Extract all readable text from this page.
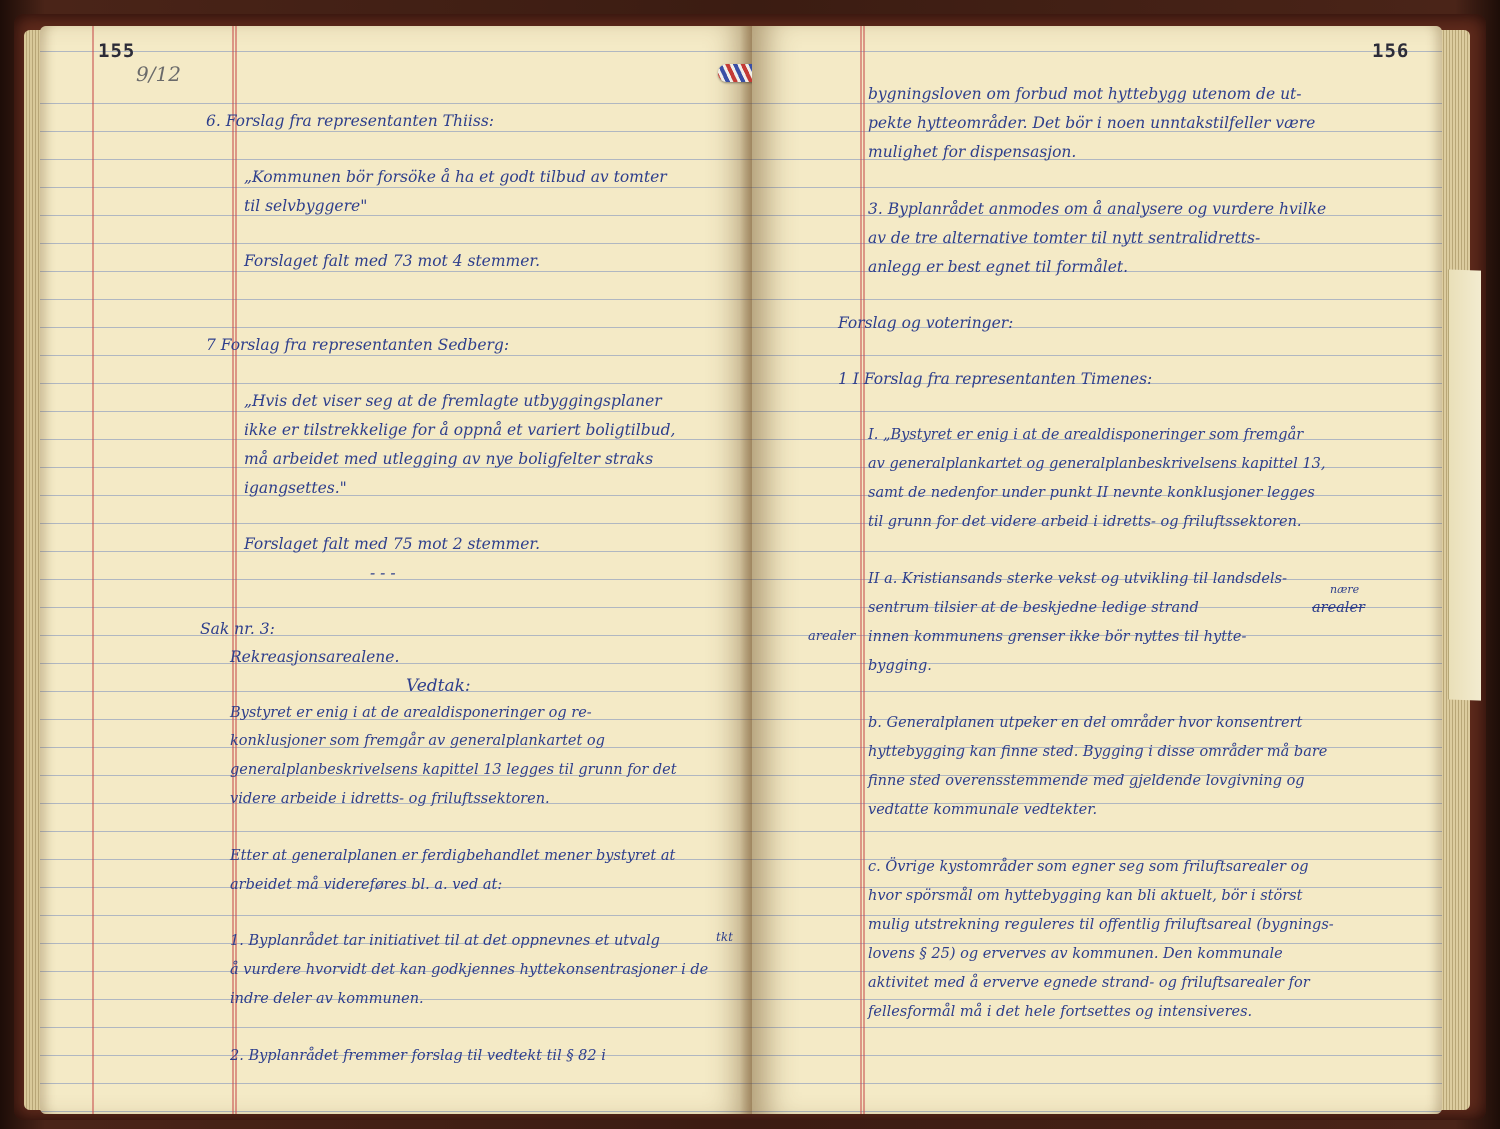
155
9/12
6. Forslag fra representanten Thiiss:
„Kommunen bör forsöke å ha et godt tilbud av tomter
til selvbyggere"
Forslaget falt med 73 mot 4 stemmer.
7 Forslag fra representanten Sedberg:
„Hvis det viser seg at de fremlagte utbyggingsplaner
ikke er tilstrekkelige for å oppnå et variert boligtilbud,
må arbeidet med utlegging av nye boligfelter straks
igangsettes."
Forslaget falt med 75 mot 2 stemmer.
- - -
Sak nr. 3:
Rekreasjonsarealene.
Vedtak:
Bystyret er enig i at de arealdisponeringer og re-
konklusjoner som fremgår av generalplankartet og
generalplanbeskrivelsens kapittel 13 legges til grunn for det
videre arbeide i idretts- og friluftssektoren.
Etter at generalplanen er ferdigbehandlet mener bystyret at
arbeidet må videreføres bl. a. ved at:
1. Byplanrådet tar initiativet til at det oppnevnes et utvalg
å vurdere hvorvidt det kan godkjennes hyttekonsentrasjoner i de
indre deler av kommunen.
2. Byplanrådet fremmer forslag til vedtekt til § 82 i
tkt
156
bygningsloven om forbud mot hyttebygg utenom de ut-
pekte hytteområder. Det bör i noen unntakstilfeller være
mulighet for dispensasjon.
3. Byplanrådet anmodes om å analysere og vurdere hvilke
av de tre alternative tomter til nytt sentralidretts-
anlegg er best egnet til formålet.
Forslag og voteringer:
1 I Forslag fra representanten Timenes:
I. „Bystyret er enig i at de arealdisponeringer som fremgår
av generalplankartet og generalplanbeskrivelsens kapittel 13,
samt de nedenfor under punkt II nevnte konklusjoner legges
til grunn for det videre arbeid i idretts- og friluftssektoren.
II a. Kristiansands sterke vekst og utvikling til landsdels-
sentrum tilsier at de beskjedne ledige strand	arealer
nære
arealer innen kommunens grenser ikke bör nyttes til hytte-
bygging.
b. Generalplanen utpeker en del områder hvor konsentrert
hyttebygging kan finne sted. Bygging i disse områder må bare
finne sted overensstemmende med gjeldende lovgivning og
vedtatte kommunale vedtekter.
c. Övrige kystområder som egner seg som friluftsarealer og
hvor spörsmål om hyttebygging kan bli aktuelt, bör i störst
mulig utstrekning reguleres til offentlig friluftsareal (bygnings-
lovens § 25) og erverves av kommunen. Den kommunale
aktivitet med å erverve egnede strand- og friluftsarealer for
fellesformål må i det hele fortsettes og intensiveres.
